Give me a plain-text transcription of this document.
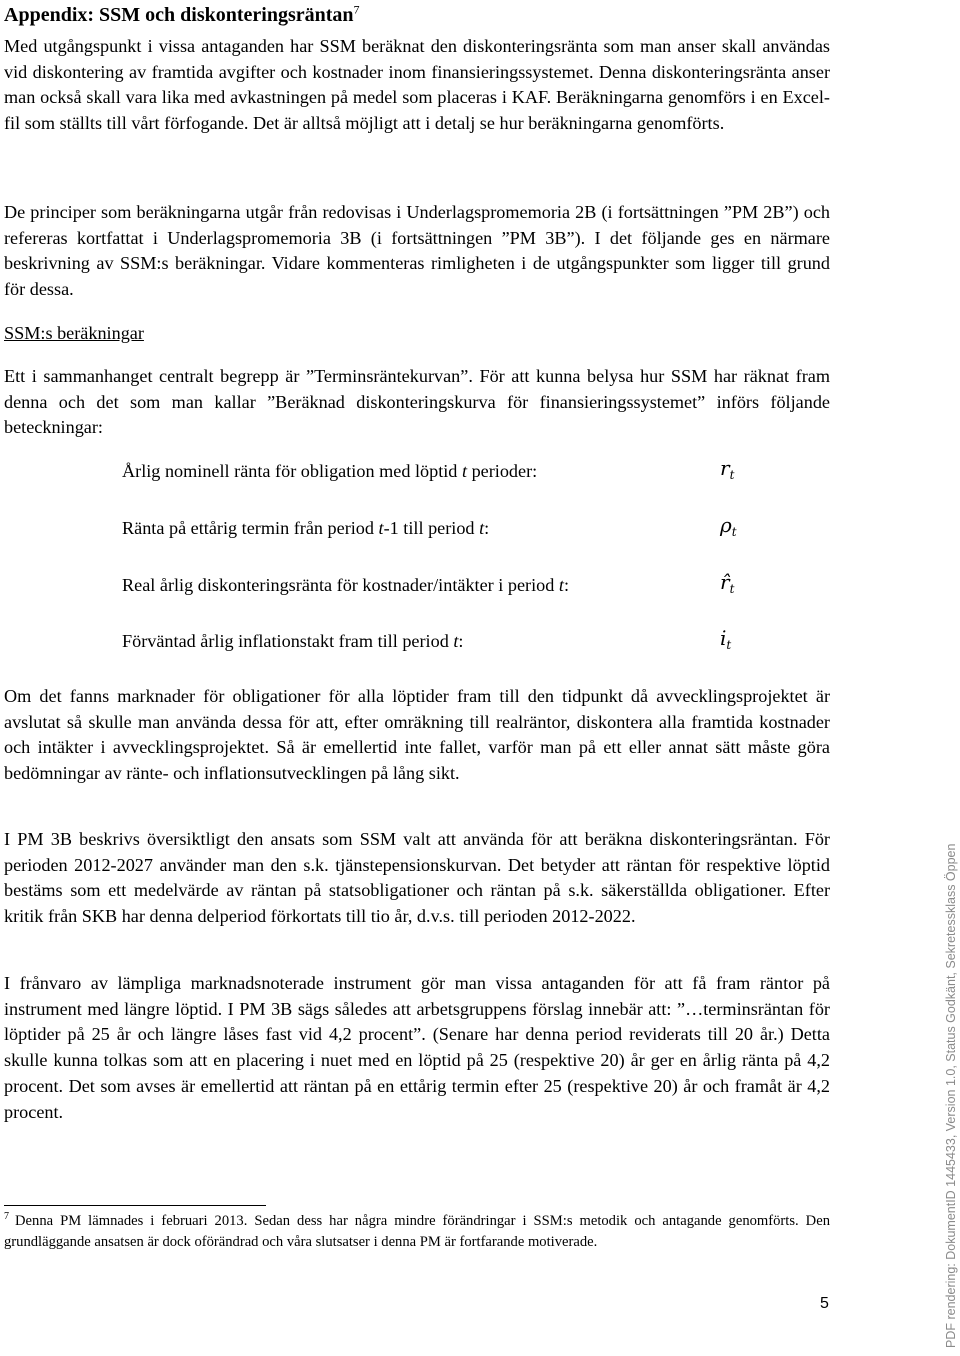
Appendix: SSM och diskonteringsräntan$^7$

Med utgångspunkt i vissa antaganden har SSM beräknat den diskonteringsränta som man anser skall användas vid diskontering av framtida avgifter och kostnader inom finansieringssystemet. Denna diskonteringsränta anser man också skall vara lika med avkastningen på medel som placeras i KAF. Beräkningarna genomförs i en Excel-fil som ställts till vårt förfogande. Det är alltså möjligt att i detalj se hur beräkningarna genomförts.

De principer som beräkningarna utgår från redovisas i Underlagspromemoria 2B (i fortsättningen ”PM 2B”) och refereras kortfattat i Underlagspromemoria 3B (i fortsättningen ”PM 3B”). I det följande ges en närmare beskrivning av SSM:s beräkningar. Vidare kommenteras rimligheten i de utgångspunkter som ligger till grund för dessa.

SSM:s beräkningar

Ett i sammanhanget centralt begrepp är ”Terminsräntekurvan”. För att kunna belysa hur SSM har räknat fram denna och det som man kallar ”Beräknad diskonteringskurva för finansieringssystemet” införs följande beteckningar:

Årlig nominell ränta för obligation med löptid t perioder:	$r_t$
Ränta på ettårig termin från period t-1 till period t:	$\rho_t$
Real årlig diskonteringsränta för kostnader/intäkter i period t:	$r̂_t$
Förväntad årlig inflationstakt fram till period t:	$i_t$

Om det fanns marknader för obligationer för alla löptider fram till den tidpunkt då avvecklingsprojektet är avslutat så skulle man använda dessa för att, efter omräkning till realräntor, diskontera alla framtida kostnader och intäkter i avvecklingsprojektet. Så är emellertid inte fallet, varför man på ett eller annat sätt måste göra bedömningar av ränte- och inflationsutvecklingen på lång sikt.

I PM 3B beskrivs översiktligt den ansats som SSM valt att använda för att beräkna diskonteringsräntan. För perioden 2012-2027 använder man den s.k. tjänstepensionskurvan. Det betyder att räntan för respektive löptid bestäms som ett medelvärde av räntan på statsobligationer och räntan på s.k. säkerställda obligationer. Efter kritik från SKB har denna delperiod förkortats till tio år, d.v.s. till perioden 2012-2022.

I frånvaro av lämpliga marknadsnoterade instrument gör man vissa antaganden för att få fram räntor på instrument med längre löptid. I PM 3B sägs således att arbetsgruppens förslag innebär att: ”…terminsräntan för löptider på 25 år och längre låses fast vid 4,2 procent”. (Senare har denna period reviderats till 20 år.) Detta skulle kunna tolkas som att en placering i nuet med en löptid på 25 (respektive 20) år ger en årlig ränta på 4,2 procent. Det som avses är emellertid att räntan på en ettårig termin efter 25 (respektive 20) år och framåt är 4,2 procent.

$^7$ Denna PM lämnades i februari 2013. Sedan dess har några mindre förändringar i SSM:s metodik och antagande genomförts. Den grundläggande ansatsen är dock oförändrad och våra slutsatser i denna PM är fortfarande motiverade.
5	PDF rendering: DokumentID 1445433, Version 1.0, Status Godkänt, Sekretessklass Öppen
